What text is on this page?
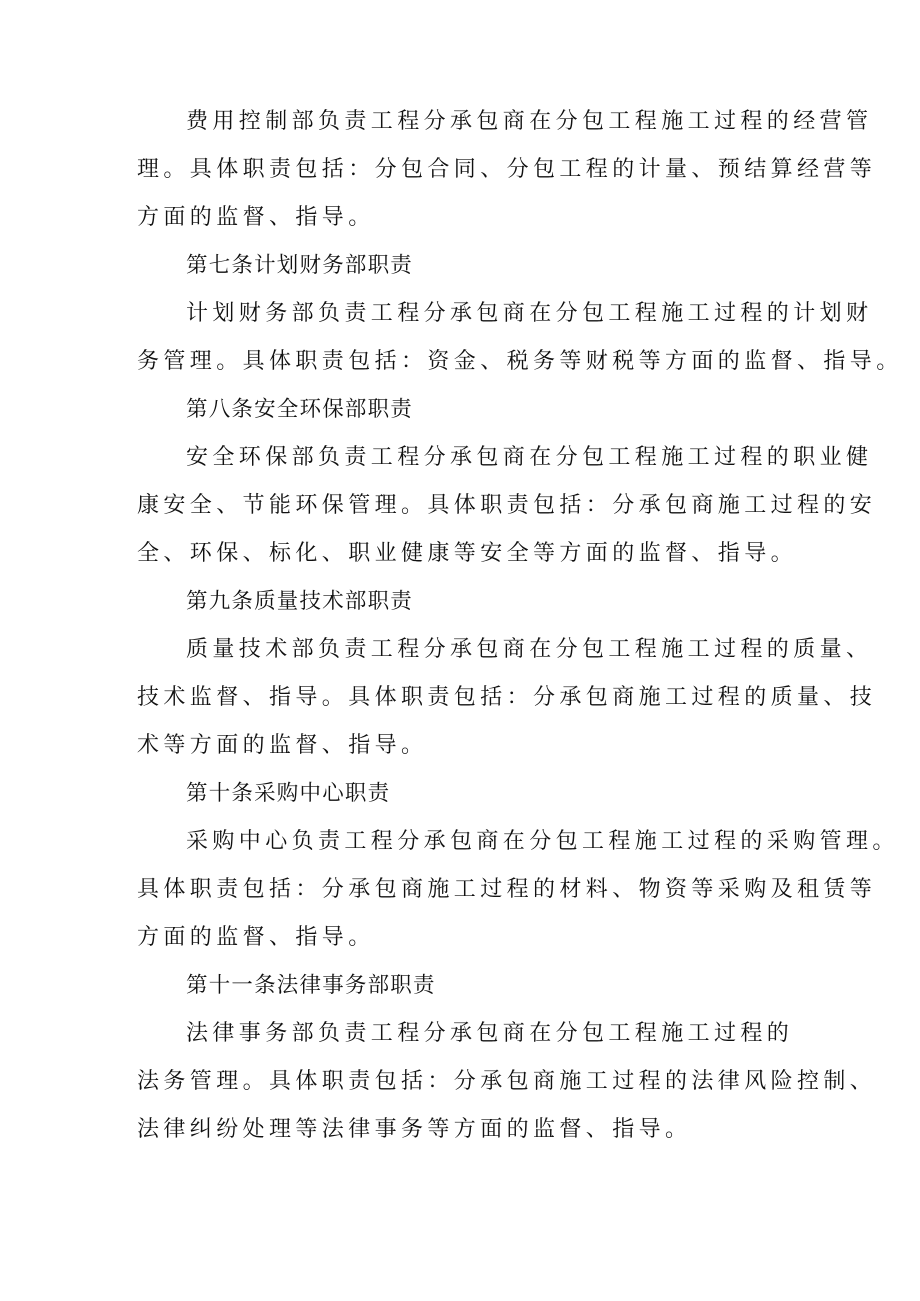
费用控制部负责工程分承包商在分包工程施工过程的经营管
理。具体职责包括：分包合同、分包工程的计量、预结算经营等
方面的监督、指导。
第七条计划财务部职责
计划财务部负责工程分承包商在分包工程施工过程的计划财
务管理。具体职责包括：资金、税务等财税等方面的监督、指导。
第八条安全环保部职责
安全环保部负责工程分承包商在分包工程施工过程的职业健
康安全、节能环保管理。具体职责包括：分承包商施工过程的安
全、环保、标化、职业健康等安全等方面的监督、指导。
第九条质量技术部职责
质量技术部负责工程分承包商在分包工程施工过程的质量、
技术监督、指导。具体职责包括：分承包商施工过程的质量、技
术等方面的监督、指导。
第十条采购中心职责
采购中心负责工程分承包商在分包工程施工过程的采购管理。
具体职责包括：分承包商施工过程的材料、物资等采购及租赁等
方面的监督、指导。
第十一条法律事务部职责
法律事务部负责工程分承包商在分包工程施工过程的
法务管理。具体职责包括：分承包商施工过程的法律风险控制、
法律纠纷处理等法律事务等方面的监督、指导。
